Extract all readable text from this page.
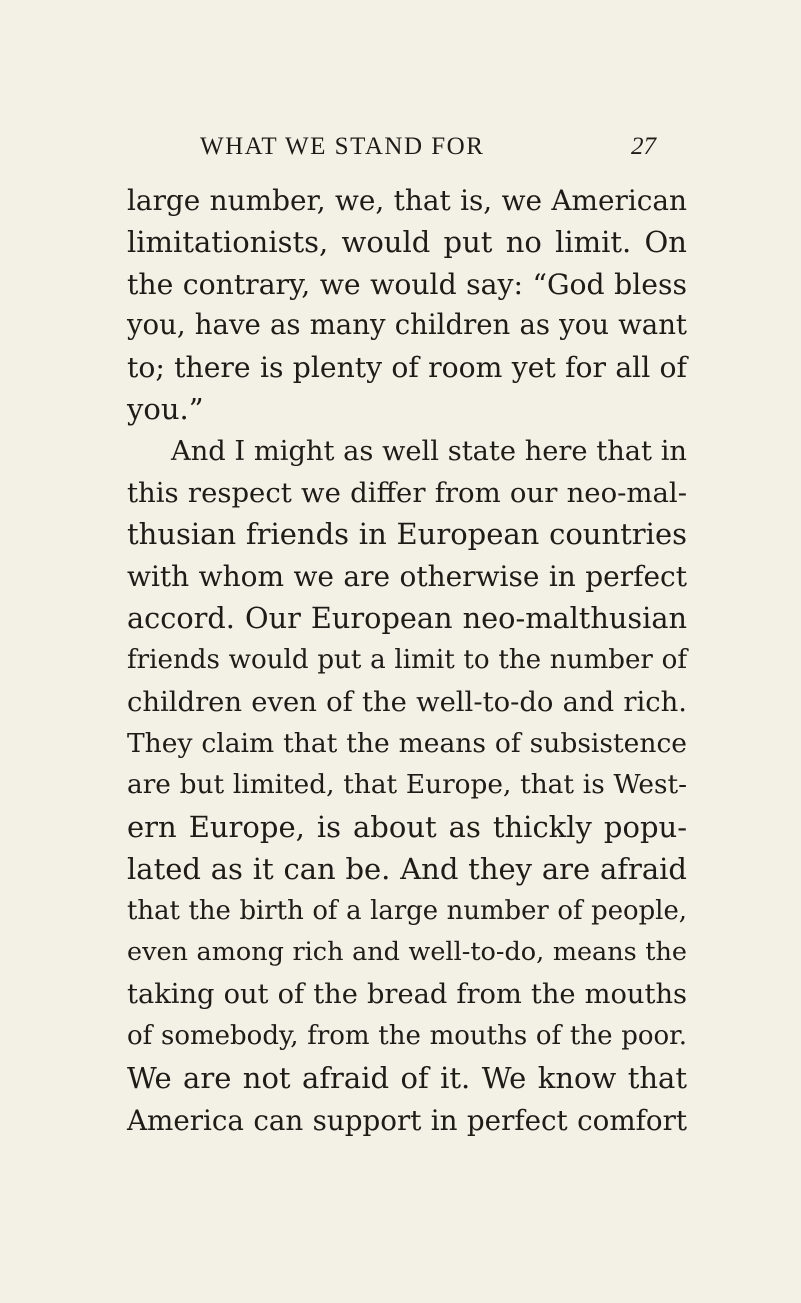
WHAT WE STAND FOR	27
large number, we, that is, we American
limitationists, would put no limit. On
the contrary, we would say: “God bless
you, have as many children as you want
to; there is plenty of room yet for all of
you.”
And I might as well state here that in
this respect we differ from our neo-mal-
thusian friends in European countries
with whom we are otherwise in perfect
accord. Our European neo-malthusian
friends would put a limit to the number of
children even of the well-to-do and rich.
They claim that the means of subsistence
are but limited, that Europe, that is West-
ern Europe, is about as thickly popu-
lated as it can be. And they are afraid
that the birth of a large number of people,
even among rich and well-to-do, means the
taking out of the bread from the mouths
of somebody, from the mouths of the poor.
We are not afraid of it. We know that
America can support in perfect comfort
